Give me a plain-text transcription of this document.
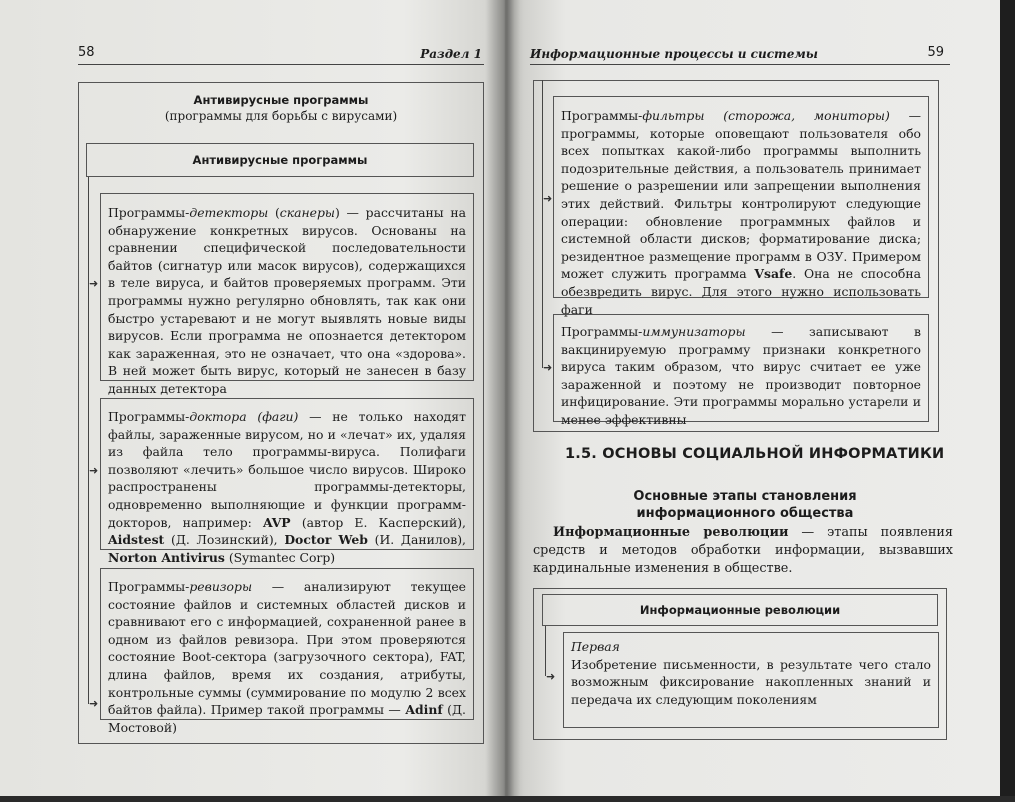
58	Раздел 1
Антивирусные программы
(программы для борьбы с вирусами)
Антивирусные программы
➜
➜
➜
Программы-детекторы (сканеры) — рассчитаны на обнаружение конкретных вирусов. Основаны на сравнении специфической последовательности байтов (сигнатур или масок вирусов), содержащихся в теле вируса, и байтов проверяемых программ. Эти программы нужно регулярно обновлять, так как они быстро устаревают и не могут выявлять новые виды вирусов. Если программа не опознается детектором как зараженная, это не означает, что она «здорова». В ней может быть вирус, который не занесен в базу данных детектора
Программы-доктора (фаги) — не только находят файлы, зараженные вирусом, но и «лечат» их, удаляя из файла тело программы-вируса. Полифаги позволяют «лечить» большое число вирусов. Широко распространены программы-детекторы, одновременно выполняющие и функции программ-докторов, например: AVP (автор Е. Касперский), Aidstest (Д. Лозинский), Doctor Web (И. Данилов), Norton Antivirus (Symantec Corp)
Программы-ревизоры — анализируют текущее состояние файлов и системных областей дисков и сравнивают его с информацией, сохраненной ранее в одном из файлов ревизора. При этом проверяются состояние Boot-сектора (загрузочного сектора), FAT, длина файлов, время их создания, атрибуты, контрольные суммы (суммирование по модулю 2 всех байтов файла). Пример такой программы — Adinf (Д. Мостовой)
Информационные процессы и системы	59
➜
➜
Программы-фильтры (сторожа, мониторы) — программы, которые оповещают пользователя обо всех попытках какой-либо программы выполнить подозрительные действия, а пользователь принимает решение о разрешении или запрещении выполнения этих действий. Фильтры контролируют следующие операции: обновление программных файлов и системной области дисков; форматирование диска; резидентное размещение программ в ОЗУ. Примером может служить программа Vsafe. Она не способна обезвредить вирус. Для этого нужно использовать фаги
Программы-иммунизаторы — записывают в вакцинируемую программу признаки конкретного вируса таким образом, что вирус считает ее уже зараженной и поэтому не производит повторное инфицирование. Эти программы морально устарели и менее эффективны
1.5. ОСНОВЫ СОЦИАЛЬНОЙ ИНФОРМАТИКИ
Основные этапы становления
информационного общества
Информационные революции — этапы появления средств и методов обработки информации, вызвавших кардинальные изменения в обществе.
Информационные революции
➜
Первая
Изобретение письменности, в результате чего стало возможным фиксирование накопленных знаний и передача их следующим поколениям
